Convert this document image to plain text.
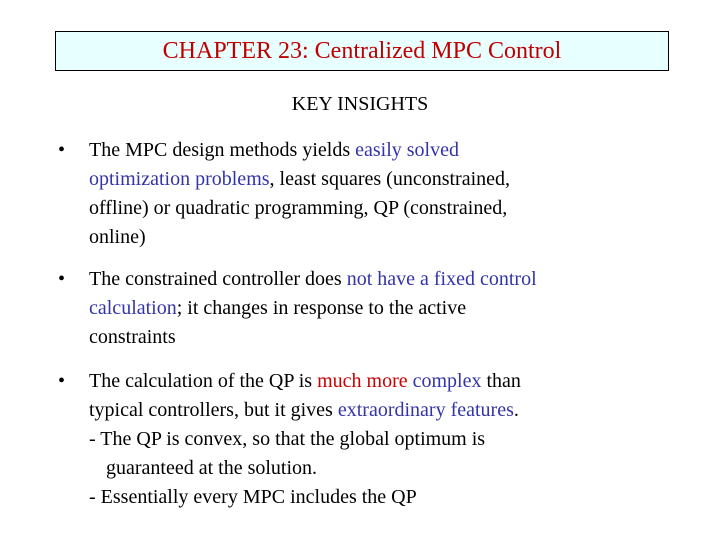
CHAPTER 23: Centralized MPC Control
KEY INSIGHTS
• The MPC design methods yields easily solved
optimization problems, least squares (unconstrained,
offline) or quadratic programming, QP (constrained,
online)
• The constrained controller does not have a fixed control
calculation; it changes in response to the active
constraints
• The calculation of the QP is much more complex than
typical controllers, but it gives extraordinary features.
- The QP is convex, so that the global optimum is
guaranteed at the solution.
- Essentially every MPC includes the QP
